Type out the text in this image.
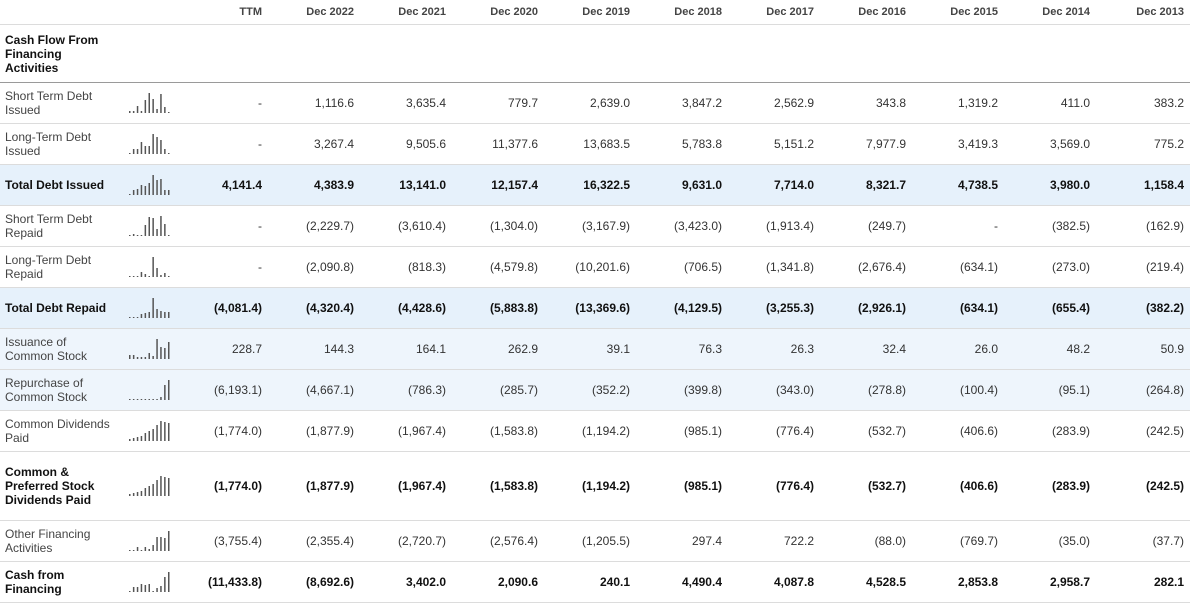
		TTM	Dec 2022	Dec 2021	Dec 2020	Dec 2019	Dec 2018	Dec 2017	Dec 2016	Dec 2015	Dec 2014	Dec 2013
Cash Flow From Financing Activities												
Short Term Debt Issued		-	1,116.6	3,635.4	779.7	2,639.0	3,847.2	2,562.9	343.8	1,319.2	411.0	383.2
Long-Term Debt Issued		-	3,267.4	9,505.6	11,377.6	13,683.5	5,783.8	5,151.2	7,977.9	3,419.3	3,569.0	775.2
Total Debt Issued		4,141.4	4,383.9	13,141.0	12,157.4	16,322.5	9,631.0	7,714.0	8,321.7	4,738.5	3,980.0	1,158.4
Short Term Debt Repaid		-	(2,229.7)	(3,610.4)	(1,304.0)	(3,167.9)	(3,423.0)	(1,913.4)	(249.7)	-	(382.5)	(162.9)
Long-Term Debt Repaid		-	(2,090.8)	(818.3)	(4,579.8)	(10,201.6)	(706.5)	(1,341.8)	(2,676.4)	(634.1)	(273.0)	(219.4)
Total Debt Repaid		(4,081.4)	(4,320.4)	(4,428.6)	(5,883.8)	(13,369.6)	(4,129.5)	(3,255.3)	(2,926.1)	(634.1)	(655.4)	(382.2)
Issuance of Common Stock		228.7	144.3	164.1	262.9	39.1	76.3	26.3	32.4	26.0	48.2	50.9
Repurchase of Common Stock		(6,193.1)	(4,667.1)	(786.3)	(285.7)	(352.2)	(399.8)	(343.0)	(278.8)	(100.4)	(95.1)	(264.8)
Common Dividends Paid		(1,774.0)	(1,877.9)	(1,967.4)	(1,583.8)	(1,194.2)	(985.1)	(776.4)	(532.7)	(406.6)	(283.9)	(242.5)
Common & Preferred Stock Dividends Paid		(1,774.0)	(1,877.9)	(1,967.4)	(1,583.8)	(1,194.2)	(985.1)	(776.4)	(532.7)	(406.6)	(283.9)	(242.5)
Other Financing Activities		(3,755.4)	(2,355.4)	(2,720.7)	(2,576.4)	(1,205.5)	297.4	722.2	(88.0)	(769.7)	(35.0)	(37.7)
Cash from Financing		(11,433.8)	(8,692.6)	3,402.0	2,090.6	240.1	4,490.4	4,087.8	4,528.5	2,853.8	2,958.7	282.1
